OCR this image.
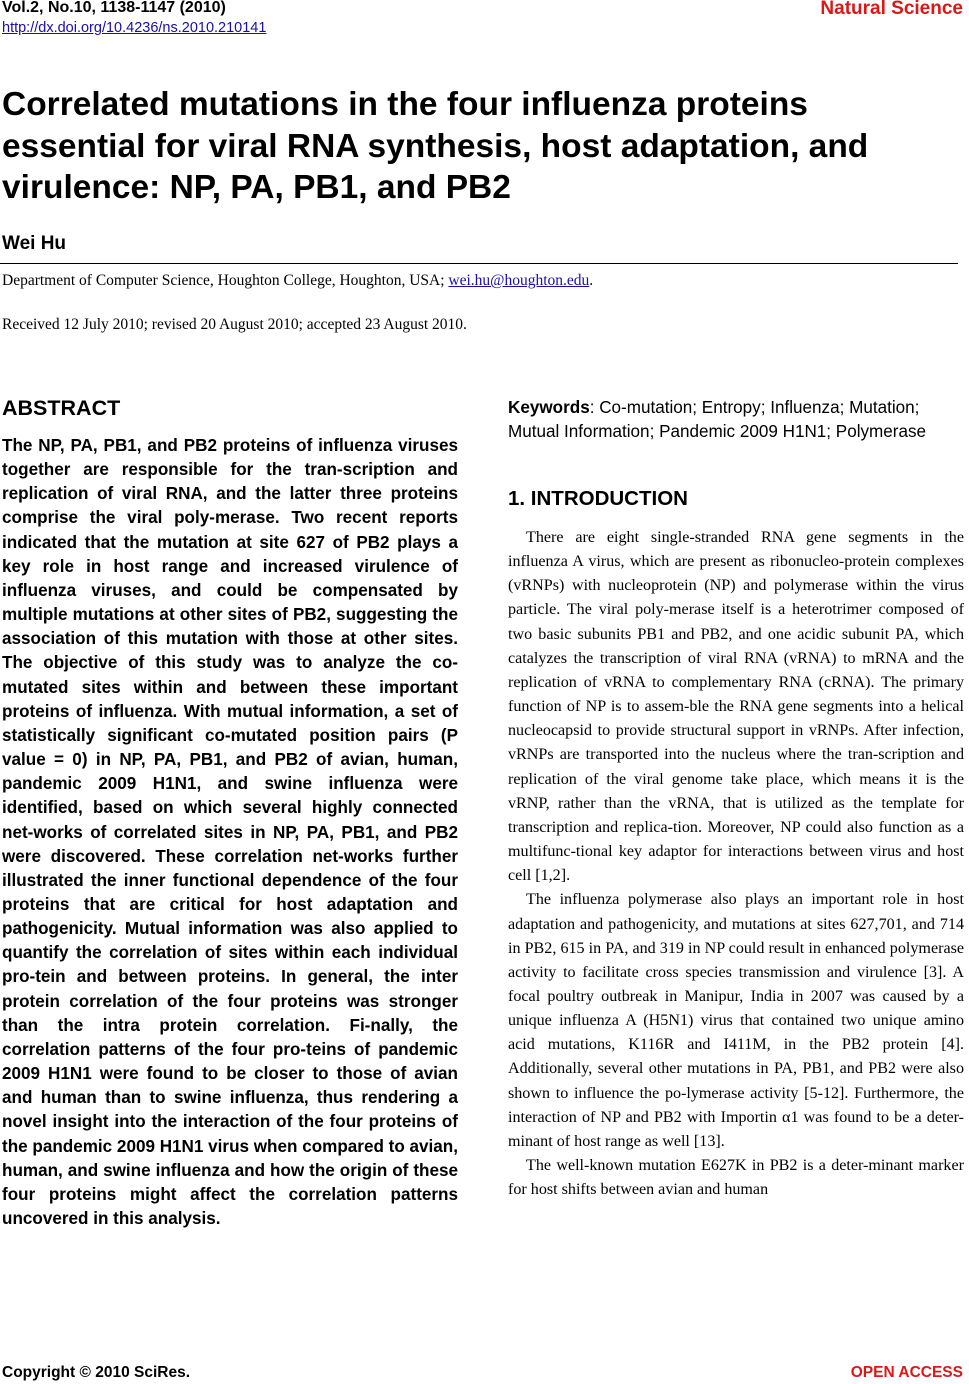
Vol.2, No.10, 1138-1147 (2010)
http://dx.doi.org/10.4236/ns.2010.210141
Natural Science
Correlated mutations in the four influenza proteins essential for viral RNA synthesis, host adaptation, and virulence: NP, PA, PB1, and PB2
Wei Hu
Department of Computer Science, Houghton College, Houghton, USA; wei.hu@houghton.edu.
Received 12 July 2010; revised 20 August 2010; accepted 23 August 2010.
ABSTRACT
The NP, PA, PB1, and PB2 proteins of influenza viruses together are responsible for the tran-scription and replication of viral RNA, and the latter three proteins comprise the viral poly-merase. Two recent reports indicated that the mutation at site 627 of PB2 plays a key role in host range and increased virulence of influenza viruses, and could be compensated by multiple mutations at other sites of PB2, suggesting the association of this mutation with those at other sites. The objective of this study was to analyze the co-mutated sites within and between these important proteins of influenza. With mutual information, a set of statistically significant co-mutated position pairs (P value = 0) in NP, PA, PB1, and PB2 of avian, human, pandemic 2009 H1N1, and swine influenza were identified, based on which several highly connected net-works of correlated sites in NP, PA, PB1, and PB2 were discovered. These correlation net-works further illustrated the inner functional dependence of the four proteins that are critical for host adaptation and pathogenicity. Mutual information was also applied to quantify the correlation of sites within each individual pro-tein and between proteins. In general, the inter protein correlation of the four proteins was stronger than the intra protein correlation. Fi-nally, the correlation patterns of the four pro-teins of pandemic 2009 H1N1 were found to be closer to those of avian and human than to swine influenza, thus rendering a novel insight into the interaction of the four proteins of the pandemic 2009 H1N1 virus when compared to avian, human, and swine influenza and how the origin of these four proteins might affect the correlation patterns uncovered in this analysis.
Keywords: Co-mutation; Entropy; Influenza; Mutation; Mutual Information; Pandemic 2009 H1N1; Polymerase
1. INTRODUCTION

There are eight single-stranded RNA gene segments in the influenza A virus, which are present as ribonucleo-protein complexes (vRNPs) with nucleoprotein (NP) and polymerase within the virus particle. The viral poly-merase itself is a heterotrimer composed of two basic subunits PB1 and PB2, and one acidic subunit PA, which catalyzes the transcription of viral RNA (vRNA) to mRNA and the replication of vRNA to complementary RNA (cRNA). The primary function of NP is to assem-ble the RNA gene segments into a helical nucleocapsid to provide structural support in vRNPs. After infection, vRNPs are transported into the nucleus where the tran-scription and replication of the viral genome take place, which means it is the vRNP, rather than the vRNA, that is utilized as the template for transcription and replica-tion. Moreover, NP could also function as a multifunc-tional key adaptor for interactions between virus and host cell [1,2].

The influenza polymerase also plays an important role in host adaptation and pathogenicity, and mutations at sites 627,701, and 714 in PB2, 615 in PA, and 319 in NP could result in enhanced polymerase activity to facilitate cross species transmission and virulence [3]. A focal poultry outbreak in Manipur, India in 2007 was caused by a unique influenza A (H5N1) virus that contained two unique amino acid mutations, K116R and I411M, in the PB2 protein [4]. Additionally, several other mutations in PA, PB1, and PB2 were also shown to influence the po-lymerase activity [5-12]. Furthermore, the interaction of NP and PB2 with Importin α1 was found to be a deter-minant of host range as well [13].

The well-known mutation E627K in PB2 is a deter-minant marker for host shifts between avian and human

Copyright © 2010 SciRes.	OPEN ACCESS
